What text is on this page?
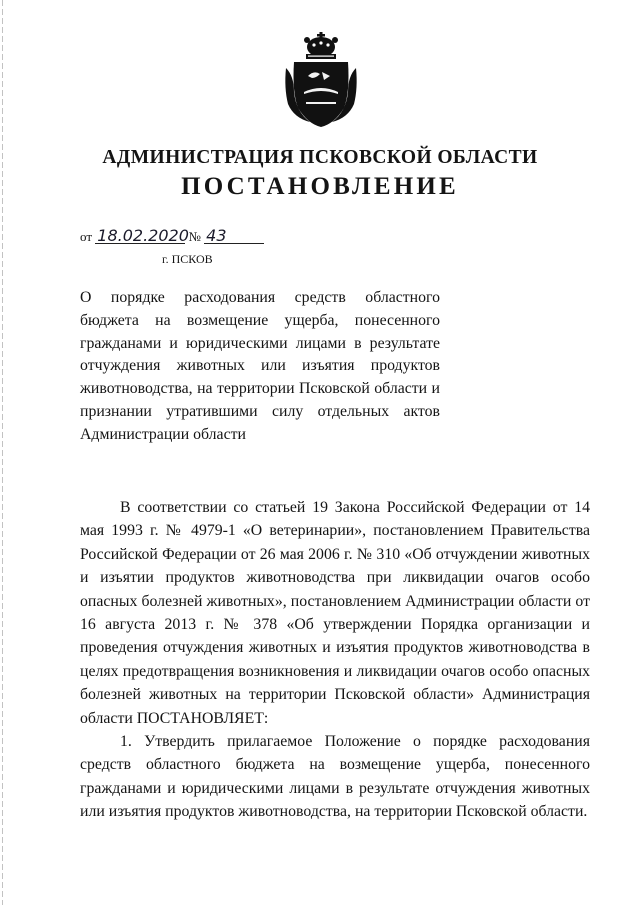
АДМИНИСТРАЦИЯ ПСКОВСКОЙ ОБЛАСТИ
ПОСТАНОВЛЕНИЕ
от 18.02.2020 № 43
г. ПСКОВ
О порядке расходования средств областного бюджета на возмещение ущерба, понесенного гражданами и юридическими лицами в результате отчуждения животных или изъятия продуктов животноводства, на территории Псковской области и признании утратившими силу отдельных актов Администрации области

В соответствии со статьей 19 Закона Российской Федерации от 14 мая 1993 г. № 4979-1 «О ветеринарии», постановлением Правительства Российской Федерации от 26 мая 2006 г. № 310 «Об отчуждении животных и изъятии продуктов животноводства при ликвидации очагов особо опасных болезней животных», постановлением Администрации области от 16 августа 2013 г. № 378 «Об утверждении Порядка организации и проведения отчуждения животных и изъятия продуктов животноводства в целях предотвращения возникновения и ликвидации очагов особо опасных болезней животных на территории Псковской области» Администрация области ПОСТАНОВЛЯЕТ:

1. Утвердить прилагаемое Положение о порядке расходования средств областного бюджета на возмещение ущерба, понесенного гражданами и юридическими лицами в результате отчуждения животных или изъятия продуктов животноводства, на территории Псковской области.
